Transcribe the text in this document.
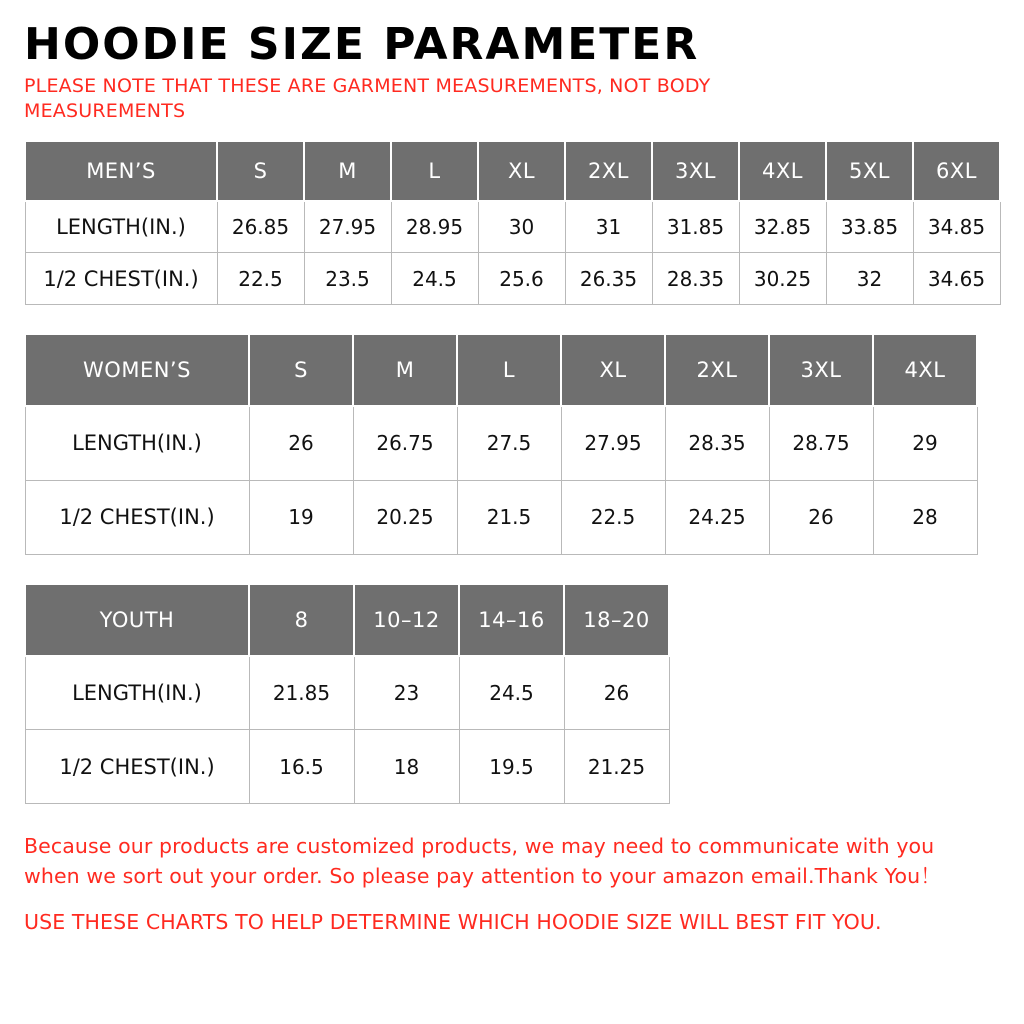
HOODIE SIZE PARAMETER

PLEASE NOTE THAT THESE ARE GARMENT MEASUREMENTS, NOT BODY MEASUREMENTS

MEN’S	S	M	L	XL	2XL	3XL	4XL	5XL	6XL
LENGTH(IN.)	26.85	27.95	28.95	30	31	31.85	32.85	33.85	34.85
1/2 CHEST(IN.)	22.5	23.5	24.5	25.6	26.35	28.35	30.25	32	34.65
WOMEN’S	S	M	L	XL	2XL	3XL	4XL
LENGTH(IN.)	26	26.75	27.5	27.95	28.35	28.75	29
1/2 CHEST(IN.)	19	20.25	21.5	22.5	24.25	26	28
YOUTH	8	10–12	14–16	18–20
LENGTH(IN.)	21.85	23	24.5	26
1/2 CHEST(IN.)	16.5	18	19.5	21.25

Because our products are customized products, we may need to communicate with you when we sort out your order. So please pay attention to your amazon email.Thank You！

USE THESE CHARTS TO HELP DETERMINE WHICH HOODIE SIZE WILL BEST FIT YOU.
